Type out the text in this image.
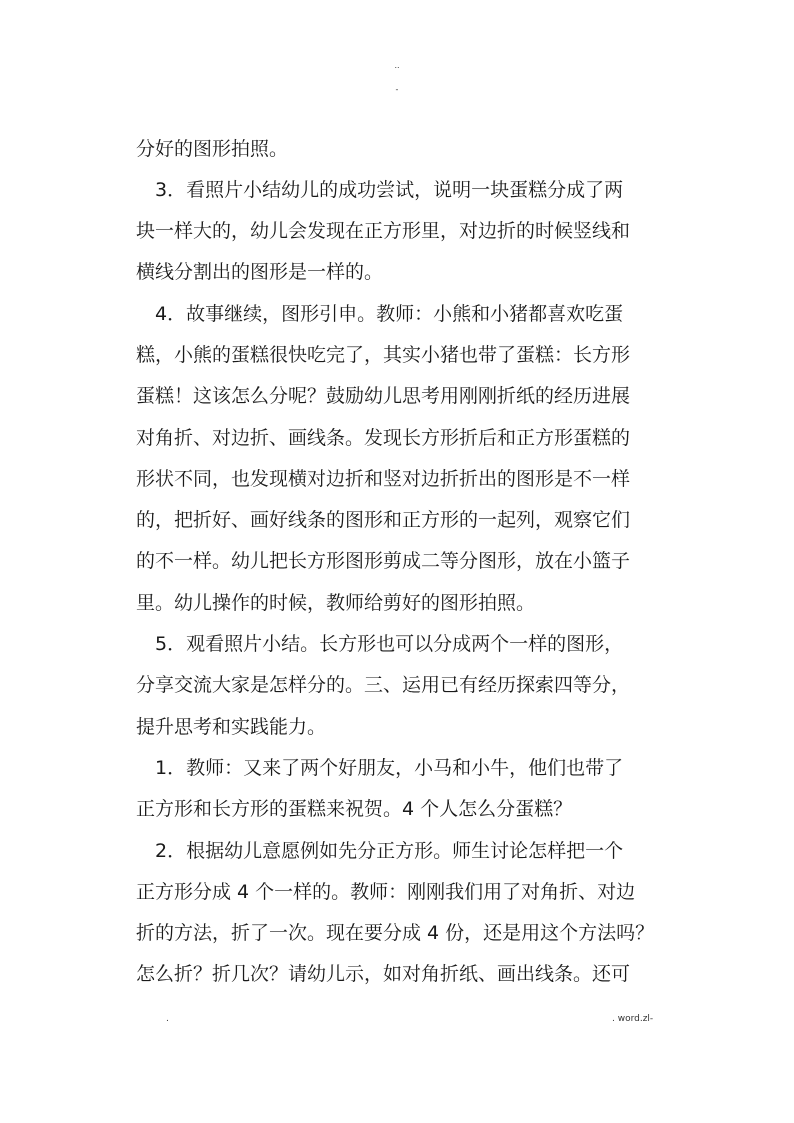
..
-
分好的图形拍照。
　3．看照片小结幼儿的成功尝试，说明一块蛋糕分成了两
块一样大的，幼儿会发现在正方形里，对边折的时候竖线和
横线分割出的图形是一样的。
　4．故事继续，图形引申。教师：小熊和小猪都喜欢吃蛋
糕，小熊的蛋糕很快吃完了，其实小猪也带了蛋糕：长方形
蛋糕！这该怎么分呢？鼓励幼儿思考用刚刚折纸的经历进展
对角折、对边折、画线条。发现长方形折后和正方形蛋糕的
形状不同，也发现横对边折和竖对边折折出的图形是不一样
的，把折好、画好线条的图形和正方形的一起列，观察它们
的不一样。幼儿把长方形图形剪成二等分图形，放在小篮子
里。幼儿操作的时候，教师给剪好的图形拍照。
　5．观看照片小结。长方形也可以分成两个一样的图形，
分享交流大家是怎样分的。三、运用已有经历探索四等分，
提升思考和实践能力。
　1．教师：又来了两个好朋友，小马和小牛，他们也带了
正方形和长方形的蛋糕来祝贺。4 个人怎么分蛋糕？
　2．根据幼儿意愿例如先分正方形。师生讨论怎样把一个
正方形分成 4 个一样的。教师：刚刚我们用了对角折、对边
折的方法，折了一次。现在要分成 4 份，还是用这个方法吗？
怎么折？折几次？请幼儿示，如对角折纸、画出线条。还可
.	. word.zl-
